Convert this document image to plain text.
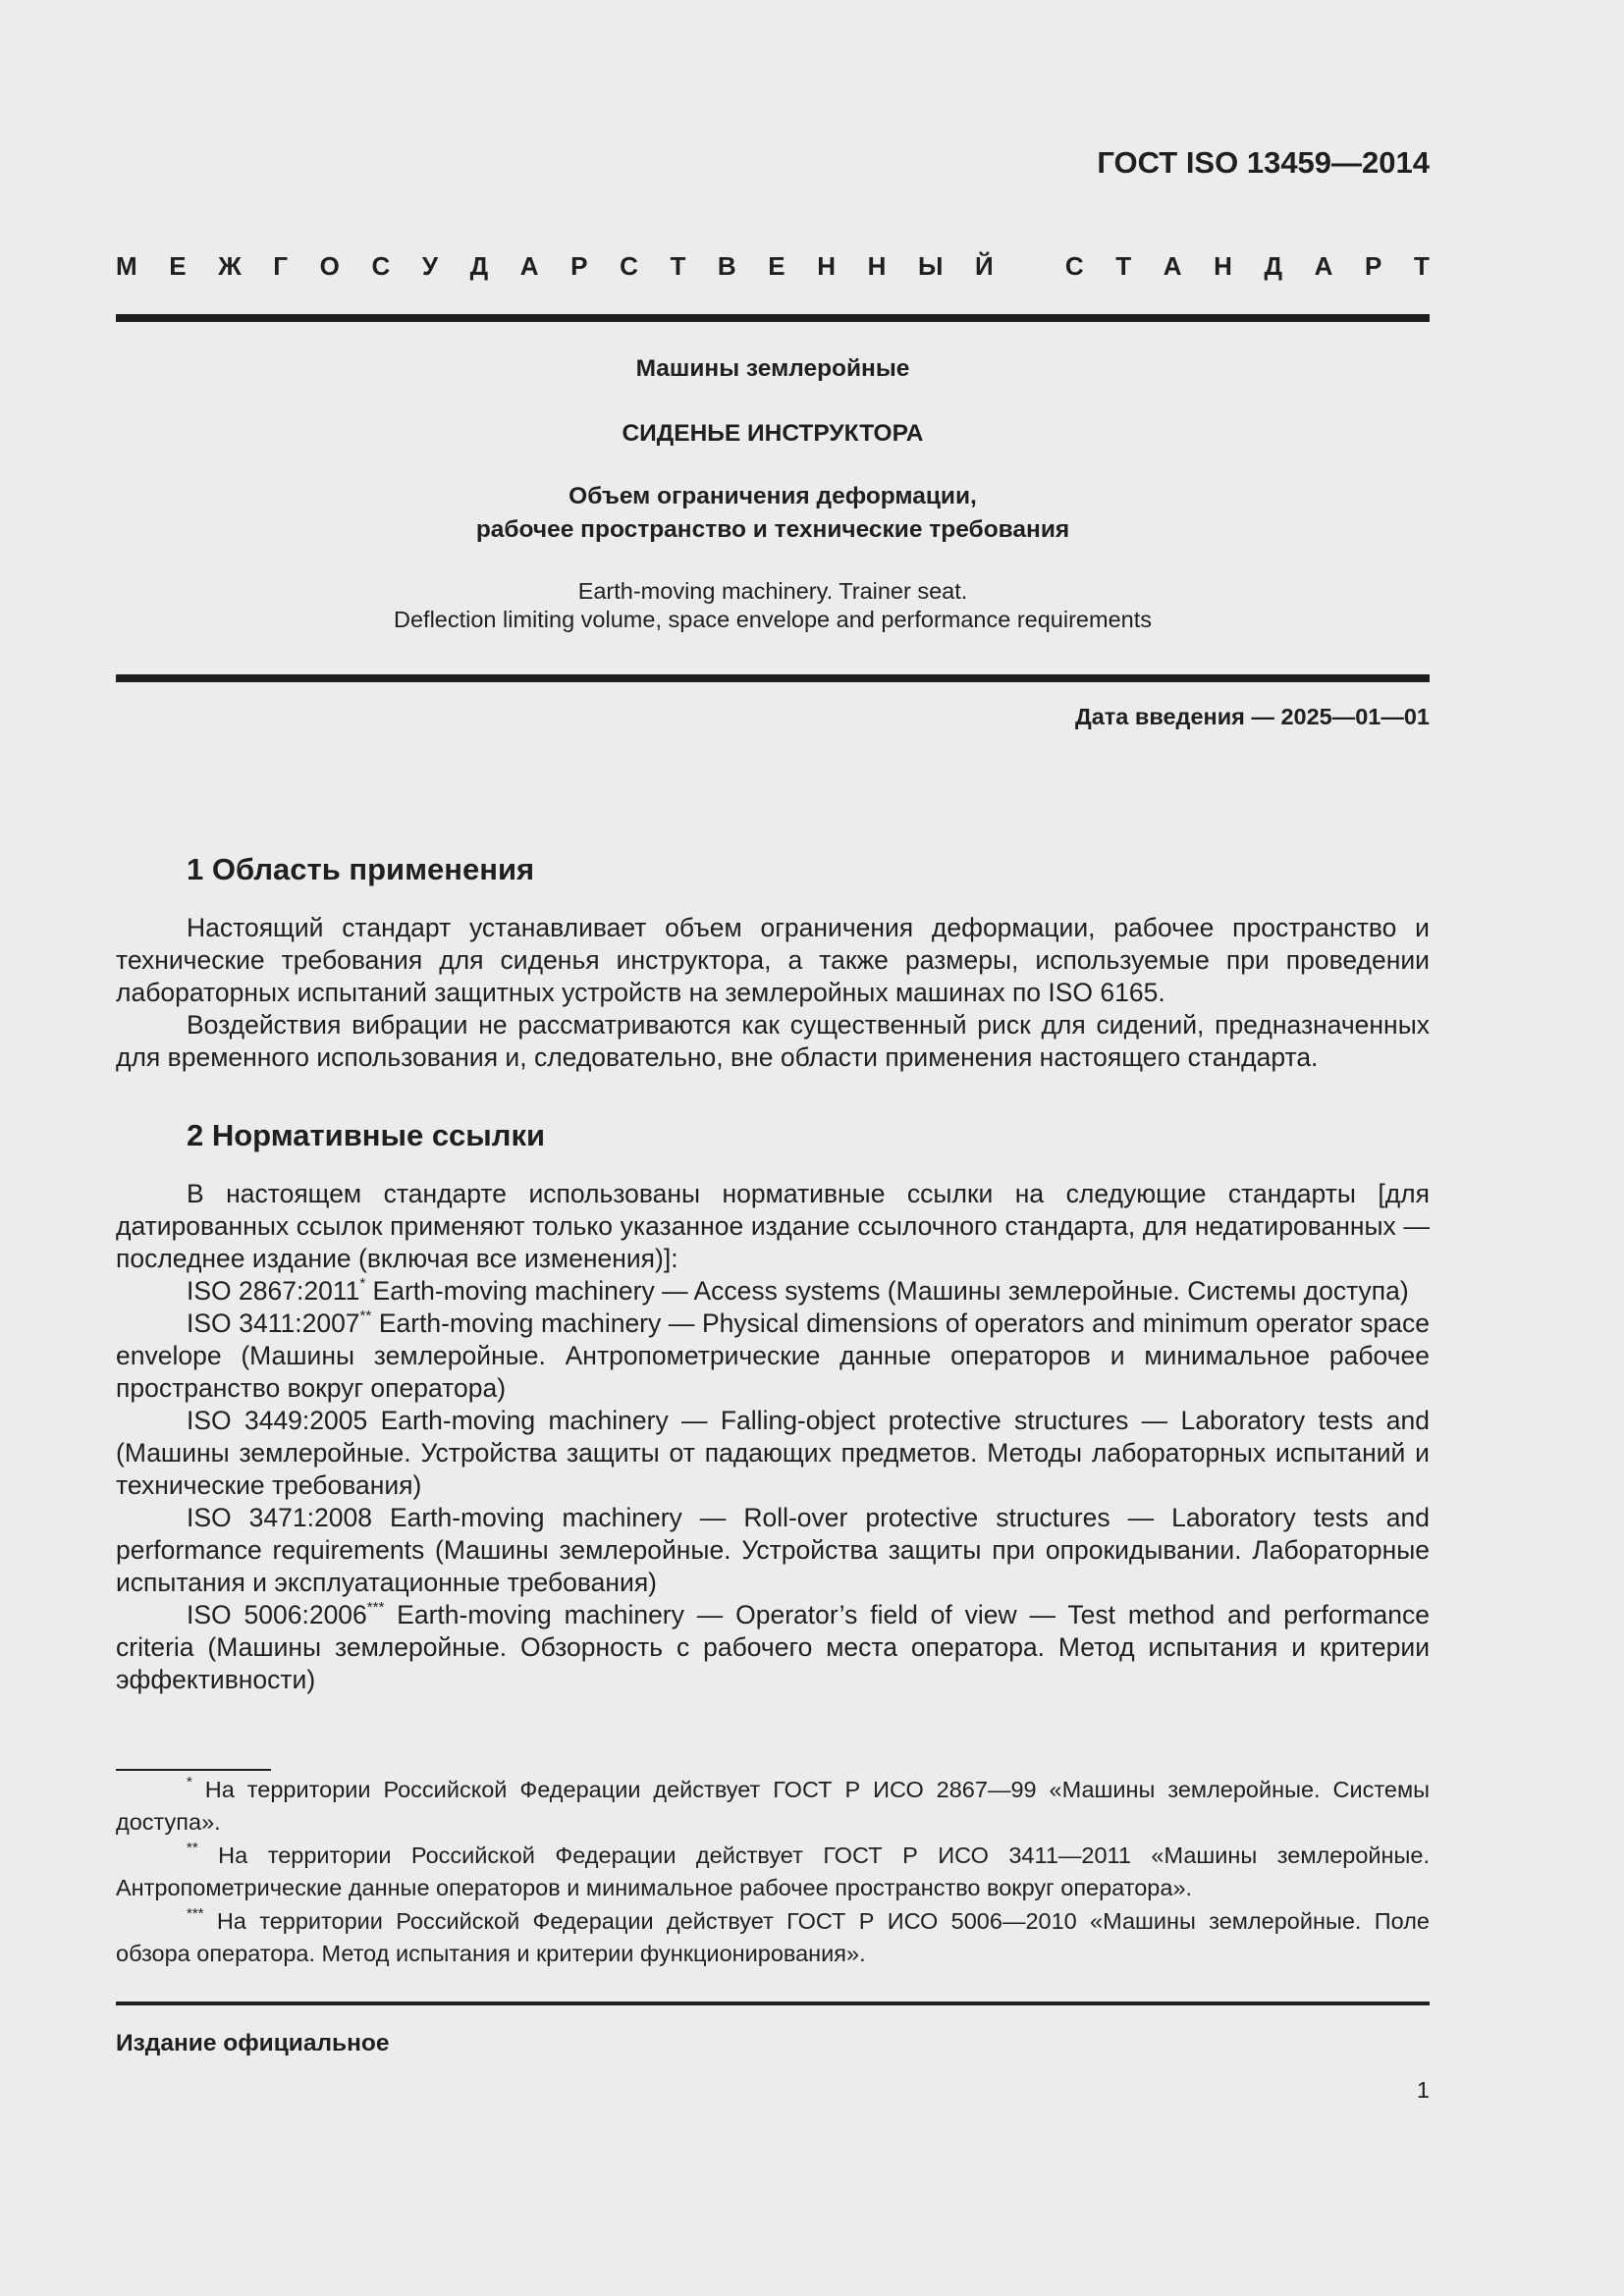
ГОСТ ISO 13459—2014
М Е Ж Г О С У Д А Р С Т В Е Н Н Ы Й	С Т А Н Д А Р Т
Машины землеройные
СИДЕНЬЕ ИНСТРУКТОРА
Объем ограничения деформации,
рабочее пространство и технические требования
Earth-moving machinery. Trainer seat.
Deflection limiting volume, space envelope and performance requirements
Дата введения — 2025—01—01
1 Область применения

Настоящий стандарт устанавливает объем ограничения деформации, рабочее пространство и технические требования для сиденья инструктора, а также размеры, используемые при проведении лабораторных испытаний защитных устройств на землеройных машинах по ISO 6165.

Воздействия вибрации не рассматриваются как существенный риск для сидений, предназначенных для временного использования и, следовательно, вне области применения настоящего стандарта.

2 Нормативные ссылки

В настоящем стандарте использованы нормативные ссылки на следующие стандарты [для датированных ссылок применяют только указанное издание ссылочного стандарта, для недатированных — последнее издание (включая все изменения)]:

ISO 2867:2011* Earth-moving machinery — Access systems (Машины землеройные. Системы доступа)

ISO 3411:2007** Earth-moving machinery — Physical dimensions of operators and minimum operator space envelope (Машины землеройные. Антропометрические данные операторов и минимальное рабочее пространство вокруг оператора)

ISO 3449:2005 Earth-moving machinery — Falling-object protective structures — Laboratory tests and (Машины землеройные. Устройства защиты от падающих предметов. Методы лабораторных испытаний и технические требования)

ISO 3471:2008 Earth-moving machinery — Roll-over protective structures — Laboratory tests and performance requirements (Машины землеройные. Устройства защиты при опрокидывании. Лабораторные испытания и эксплуатационные требования)

ISO 5006:2006*** Earth-moving machinery — Operator’s field of view — Test method and performance criteria (Машины землеройные. Обзорность с рабочего места оператора. Метод испытания и критерии эффективности)

* На территории Российской Федерации действует ГОСТ Р ИСО 2867—99 «Машины землеройные. Системы доступа».

** На территории Российской Федерации действует ГОСТ Р ИСО 3411—2011 «Машины землеройные. Антропометрические данные операторов и минимальное рабочее пространство вокруг оператора».

*** На территории Российской Федерации действует ГОСТ Р ИСО 5006—2010 «Машины землеройные. Поле обзора оператора. Метод испытания и критерии функционирования».

Издание официальное
1
